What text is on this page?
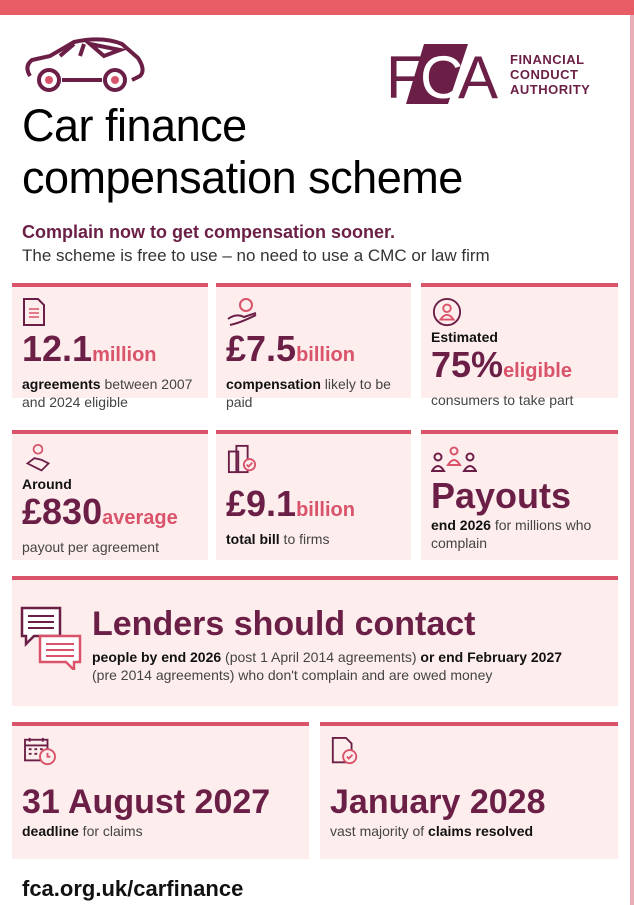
F
C
A FINANCIAL
CONDUCT
AUTHORITY
Car finance
compensation scheme
Complain now to get compensation sooner.
The scheme is free to use – no need to use a CMC or law firm
12.1million
agreements between 2007 and 2024 eligible
£7.5billion
compensation likely to be paid
Estimated
75%eligible
consumers to take part
Around
£830average
payout per agreement
£9.1billion
total bill to firms
Payouts
end 2026 for millions who complain
Lenders should contact
people by end 2026 (post 1 April 2014 agreements) or end February 2027
(pre 2014 agreements) who don't complain and are owed money
31 August 2027
deadline for claims
January 2028
vast majority of claims resolved
fca.org.uk/carfinance
